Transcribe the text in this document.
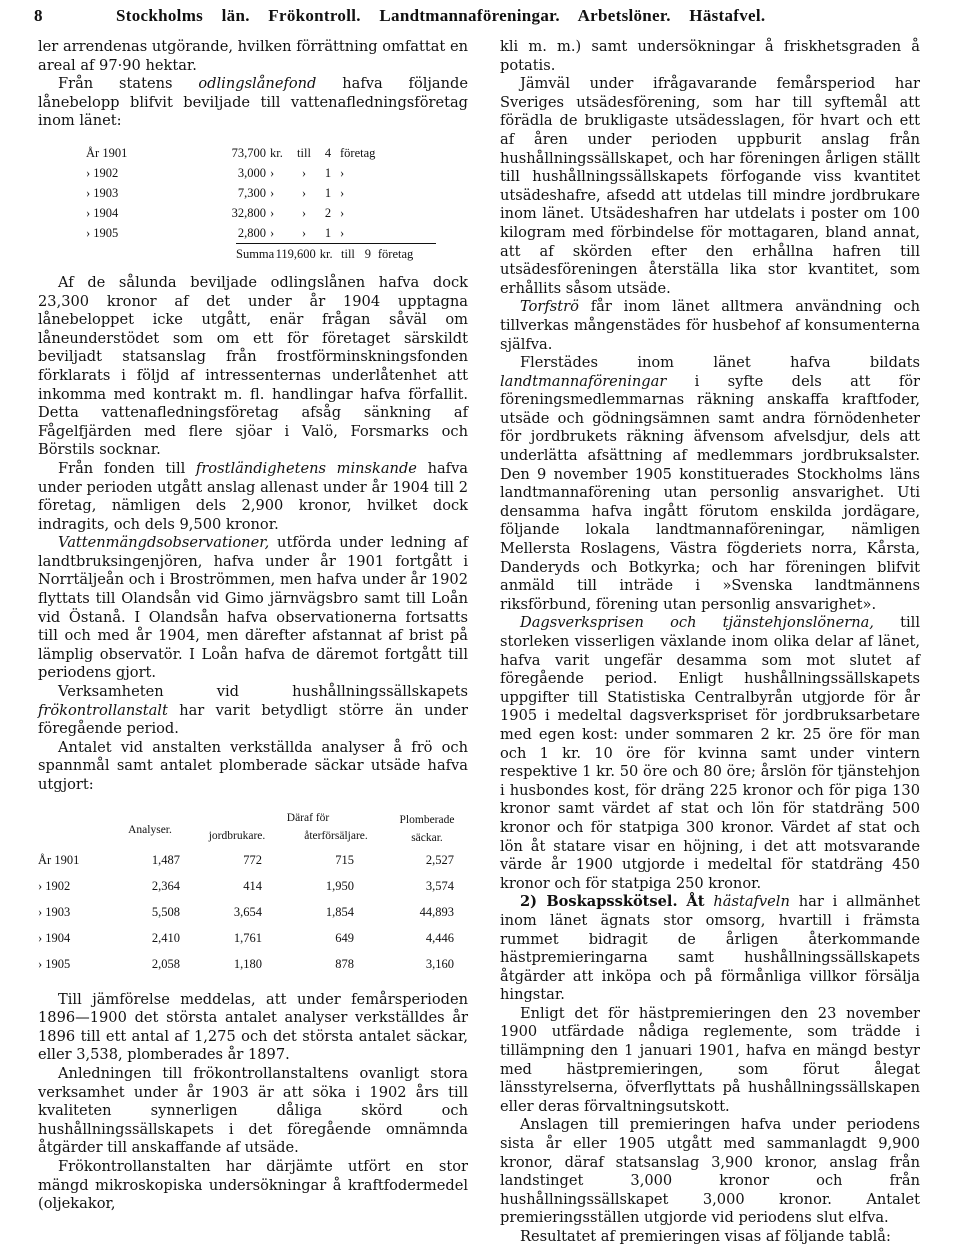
8	Stockholms län. Frökontroll. Landtmannaföreningar. Arbetslöner. Hästafvel.

ler arrendenas utgörande, hvilken förrättning omfattat en areal af 97·90 hektar.

Från statens odlingslånefond hafva följande lånebelopp blifvit beviljade till vattenafledningsföretag inom länet:

År 1901	73,700 kr.	till	4 företag
› 1902	3,000 ›	›	1 ›
› 1903	7,300 ›	›	1 ›
› 1904	32,800 ›	›	2 ›
› 1905	2,800 ›	›	1 ›
Summa 119,600 kr. till 9 företag

Af de sålunda beviljade odlingslånen hafva dock 23,300 kronor af det under år 1904 upptagna lånebeloppet icke utgått, enär frågan såväl om låneunderstödet som om ett för företaget särskildt beviljadt statsanslag från frostförminskningsfonden förklarats i följd af intressenternas underlåtenhet att inkomma med kontrakt m. fl. handlingar hafva förfallit. Detta vattenafledningsföretag afsåg sänkning af Fågelfjärden med flere sjöar i Valö, Forsmarks och Börstils socknar.

Från fonden till frostländighetens minskande hafva under perioden utgått anslag allenast under år 1904 till 2 företag, nämligen dels 2,900 kronor, hvilket dock indragits, och dels 9,500 kronor.

Vattenmängdsobservationer, utförda under ledning af landtbruksingenjören, hafva under år 1901 fortgått i Norrtäljeån och i Broströmmen, men hafva under år 1902 flyttats till Olandsån vid Gimo järnvägsbro samt till Loån vid Östanå. I Olandsån hafva observationerna fortsatts till och med år 1904, men därefter afstannat af brist på lämplig observatör. I Loån hafva de däremot fortgått till periodens gjort.

Verksamheten vid hushållningssällskapets frökontrollanstalt har varit betydligt större än under föregående period.

Antalet vid anstalten verkställda analyser å frö och spannmål samt antalet plomberade säckar utsäde hafva utgjort:

Analyser.
Däraf för
jordbrukare.	återförsäljare.
Plomberade säckar.
År 1901	1,487	772	715	2,527
› 1902	2,364	414	1,950	3,574
› 1903	5,508	3,654	1,854	44,893
› 1904	2,410	1,761	649	4,446
› 1905	2,058	1,180	878	3,160

Till jämförelse meddelas, att under femårsperioden 1896—1900 det största antalet analyser verkställdes år 1896 till ett antal af 1,275 och det största antalet säckar, eller 3,538, plomberades år 1897.

Anledningen till frökontrollanstaltens ovanligt stora verksamhet under år 1903 är att söka i 1902 års till kvaliteten synnerligen dåliga skörd och hushållningssällskapets i det föregående omnämnda åtgärder till anskaffande af utsäde.

Frökontrollanstalten har därjämte utfört en stor mängd mikroskopiska undersökningar å kraftfodermedel (oljekakor,

kli m. m.) samt undersökningar å friskhetsgraden å potatis.

Jämväl under ifrågavarande femårsperiod har Sveriges utsädesförening, som har till syftemål att förädla de brukligaste utsädesslagen, för hvart och ett af åren under perioden uppburit anslag från hushållningssällskapet, och har föreningen årligen ställt till hushållningssällskapets förfogande viss kvantitet utsädeshafre, afsedd att utdelas till mindre jordbrukare inom länet. Utsädeshafren har utdelats i poster om 100 kilogram med förbindelse för mottagaren, bland annat, att af skörden efter den erhållna hafren till utsädesföreningen återställa lika stor kvantitet, som erhållits såsom utsäde.

Torfströ får inom länet alltmera användning och tillverkas mångenstädes för husbehof af konsumenterna själfva.

Flerstädes inom länet hafva bildats landtmannaföreningar i syfte dels att för föreningsmedlemmarnas räkning anskaffa kraftfoder, utsäde och gödningsämnen samt andra förnödenheter för jordbrukets räkning äfvensom afvelsdjur, dels att underlätta afsättning af medlemmars jordbruksalster. Den 9 november 1905 konstituerades Stockholms läns landtmannaförening utan personlig ansvarighet. Uti densamma hafva ingått förutom enskilda jordägare, följande lokala landtmannaföreningar, nämligen Mellersta Roslagens, Västra fögderiets norra, Kårsta, Danderyds och Botkyrka; och har föreningen blifvit anmäld till inträde i »Svenska landtmännens riksförbund, förening utan personlig ansvarighet».

Dagsverksprisen och tjänstehjonslönerna, till storleken visserligen växlande inom olika delar af länet, hafva varit ungefär desamma som mot slutet af föregående period. Enligt hushållningssällskapets uppgifter till Statistiska Centralbyrån utgjorde för år 1905 i medeltal dagsverkspriset för jordbruksarbetare med egen kost: under sommaren 2 kr. 25 öre för man och 1 kr. 10 öre för kvinna samt under vintern respektive 1 kr. 50 öre och 80 öre; årslön för tjänstehjon i husbondes kost, för dräng 225 kronor och för piga 130 kronor samt värdet af stat och lön för statdräng 500 kronor och för statpiga 300 kronor. Värdet af stat och lön åt statare visar en höjning, i det att motsvarande värde år 1900 utgjorde i medeltal för statdräng 450 kronor och för statpiga 250 kronor.

2) Boskapsskötsel. Åt hästafveln har i allmänhet inom länet ägnats stor omsorg, hvartill i främsta rummet bidragit de årligen återkommande hästpremieringarna samt hushållningssällskapets åtgärder att inköpa och på förmånliga villkor försälja hingstar.

Enligt det för hästpremieringen den 23 november 1900 utfärdade nådiga reglemente, som trädde i tillämpning den 1 januari 1901, hafva en mängd bestyr med hästpremieringen, som förut ålegat länsstyrelserna, öfverflyttats på hushållningssällskapen eller deras förvaltningsutskott.

Anslagen till premieringen hafva under periodens sista år eller 1905 utgått med sammanlagdt 9,900 kronor, däraf statsanslag 3,900 kronor, anslag från landstinget 3,000 kronor och från hushållningssällskapet 3,000 kronor. Antalet premieringsställen utgjorde vid periodens slut elfva.

Resultatet af premieringen visas af följande tablå:
